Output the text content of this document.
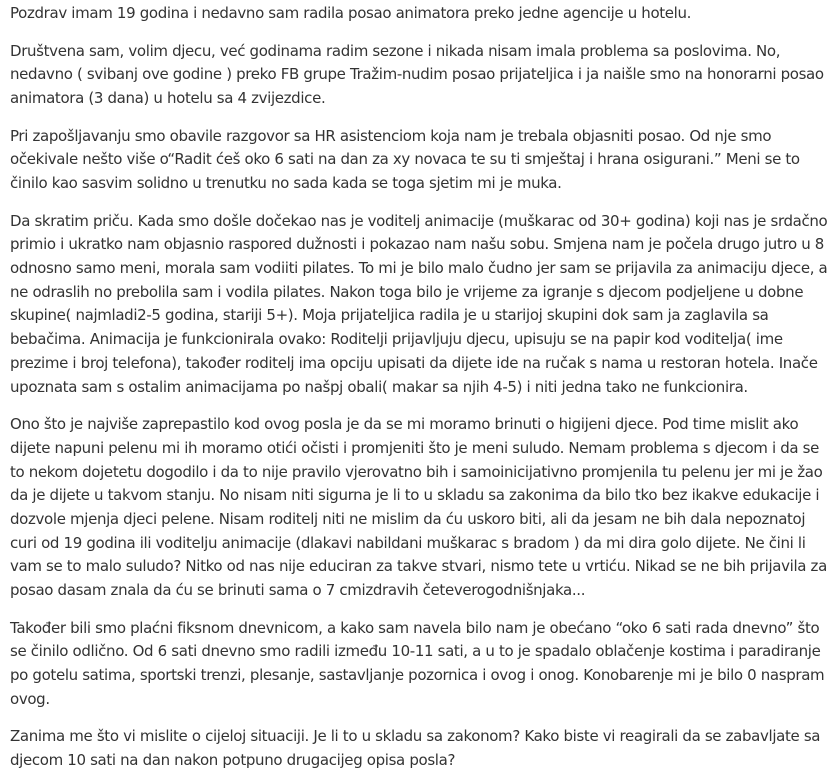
Pozdrav imam 19 godina i nedavno sam radila posao animatora preko jedne agencije u hotelu.

Društvena sam, volim djecu, već godinama radim sezone i nikada nisam imala problema sa poslovima. No, nedavno ( svibanj ove godine ) preko FB grupe Tražim-nudim posao prijateljica i ja naišle smo na honorarni posao animatora (3 dana) u hotelu sa 4 zvijezdice.

Pri zapošljavanju smo obavile razgovor sa HR asistenciom koja nam je trebala objasniti posao. Od nje smo očekivale nešto više o“Radit ćeš oko 6 sati na dan za xy novaca te su ti smještaj i hrana osigurani.” Meni se to činilo kao sasvim solidno u trenutku no sada kada se toga sjetim mi je muka.

Da skratim priču. Kada smo došle dočekao nas je voditelj animacije (muškarac od 30+ godina) koji nas je srdačno primio i ukratko nam objasnio raspored dužnosti i pokazao nam našu sobu. Smjena nam je počela drugo jutro u 8 odnosno samo meni, morala sam vodiiti pilates. To mi je bilo malo čudno jer sam se prijavila za animaciju djece, a ne odraslih no prebolila sam i vodila pilates. Nakon toga bilo je vrijeme za igranje s djecom podjeljene u dobne skupine( najmladi2-5 godina, stariji 5+). Moja prijateljica radila je u starijoj skupini dok sam ja zaglavila sa bebačima. Animacija je funkcionirala ovako: Roditelji prijavljuju djecu, upisuju se na papir kod voditelja( ime prezime i broj telefona), također roditelj ima opciju upisati da dijete ide na ručak s nama u restoran hotela. Inače upoznata sam s ostalim animacijama po našpj obali( makar sa njih 4-5) i niti jedna tako ne funkcionira.

Ono što je najviše zaprepastilo kod ovog posla je da se mi moramo brinuti o higijeni djece. Pod time mislit ako dijete napuni pelenu mi ih moramo otići očisti i promjeniti što je meni suludo. Nemam problema s djecom i da se to nekom dojetetu dogodilo i da to nije pravilo vjerovatno bih i samoinicijativno promjenila tu pelenu jer mi je žao da je dijete u takvom stanju. No nisam niti sigurna je li to u skladu sa zakonima da bilo tko bez ikakve edukacije i dozvole mjenja djeci pelene. Nisam roditelj niti ne mislim da ću uskoro biti, ali da jesam ne bih dala nepoznatoj curi od 19 godina ili voditelju animacije (dlakavi nabildani muškarac s bradom ) da mi dira golo dijete. Ne čini li vam se to malo suludo? Nitko od nas nije educiran za takve stvari, nismo tete u vrtiću. Nikad se ne bih prijavila za posao dasam znala da ću se brinuti sama o 7 cmizdravih četeverogodnišnjaka...

Također bili smo plaćni fiksnom dnevnicom, a kako sam navela bilo nam je obećano “oko 6 sati rada dnevno” što se činilo odlično. Od 6 sati dnevno smo radili između 10-11 sati, a u to je spadalo oblačenje kostima i paradiranje po gotelu satima, sportski trenzi, plesanje, sastavljanje pozornica i ovog i onog. Konobarenje mi je bilo 0 naspram ovog.

Zanima me što vi mislite o cijeloj situaciji. Je li to u skladu sa zakonom? Kako biste vi reagirali da se zabavljate sa djecom 10 sati na dan nakon potpuno drugacijeg opisa posla?
